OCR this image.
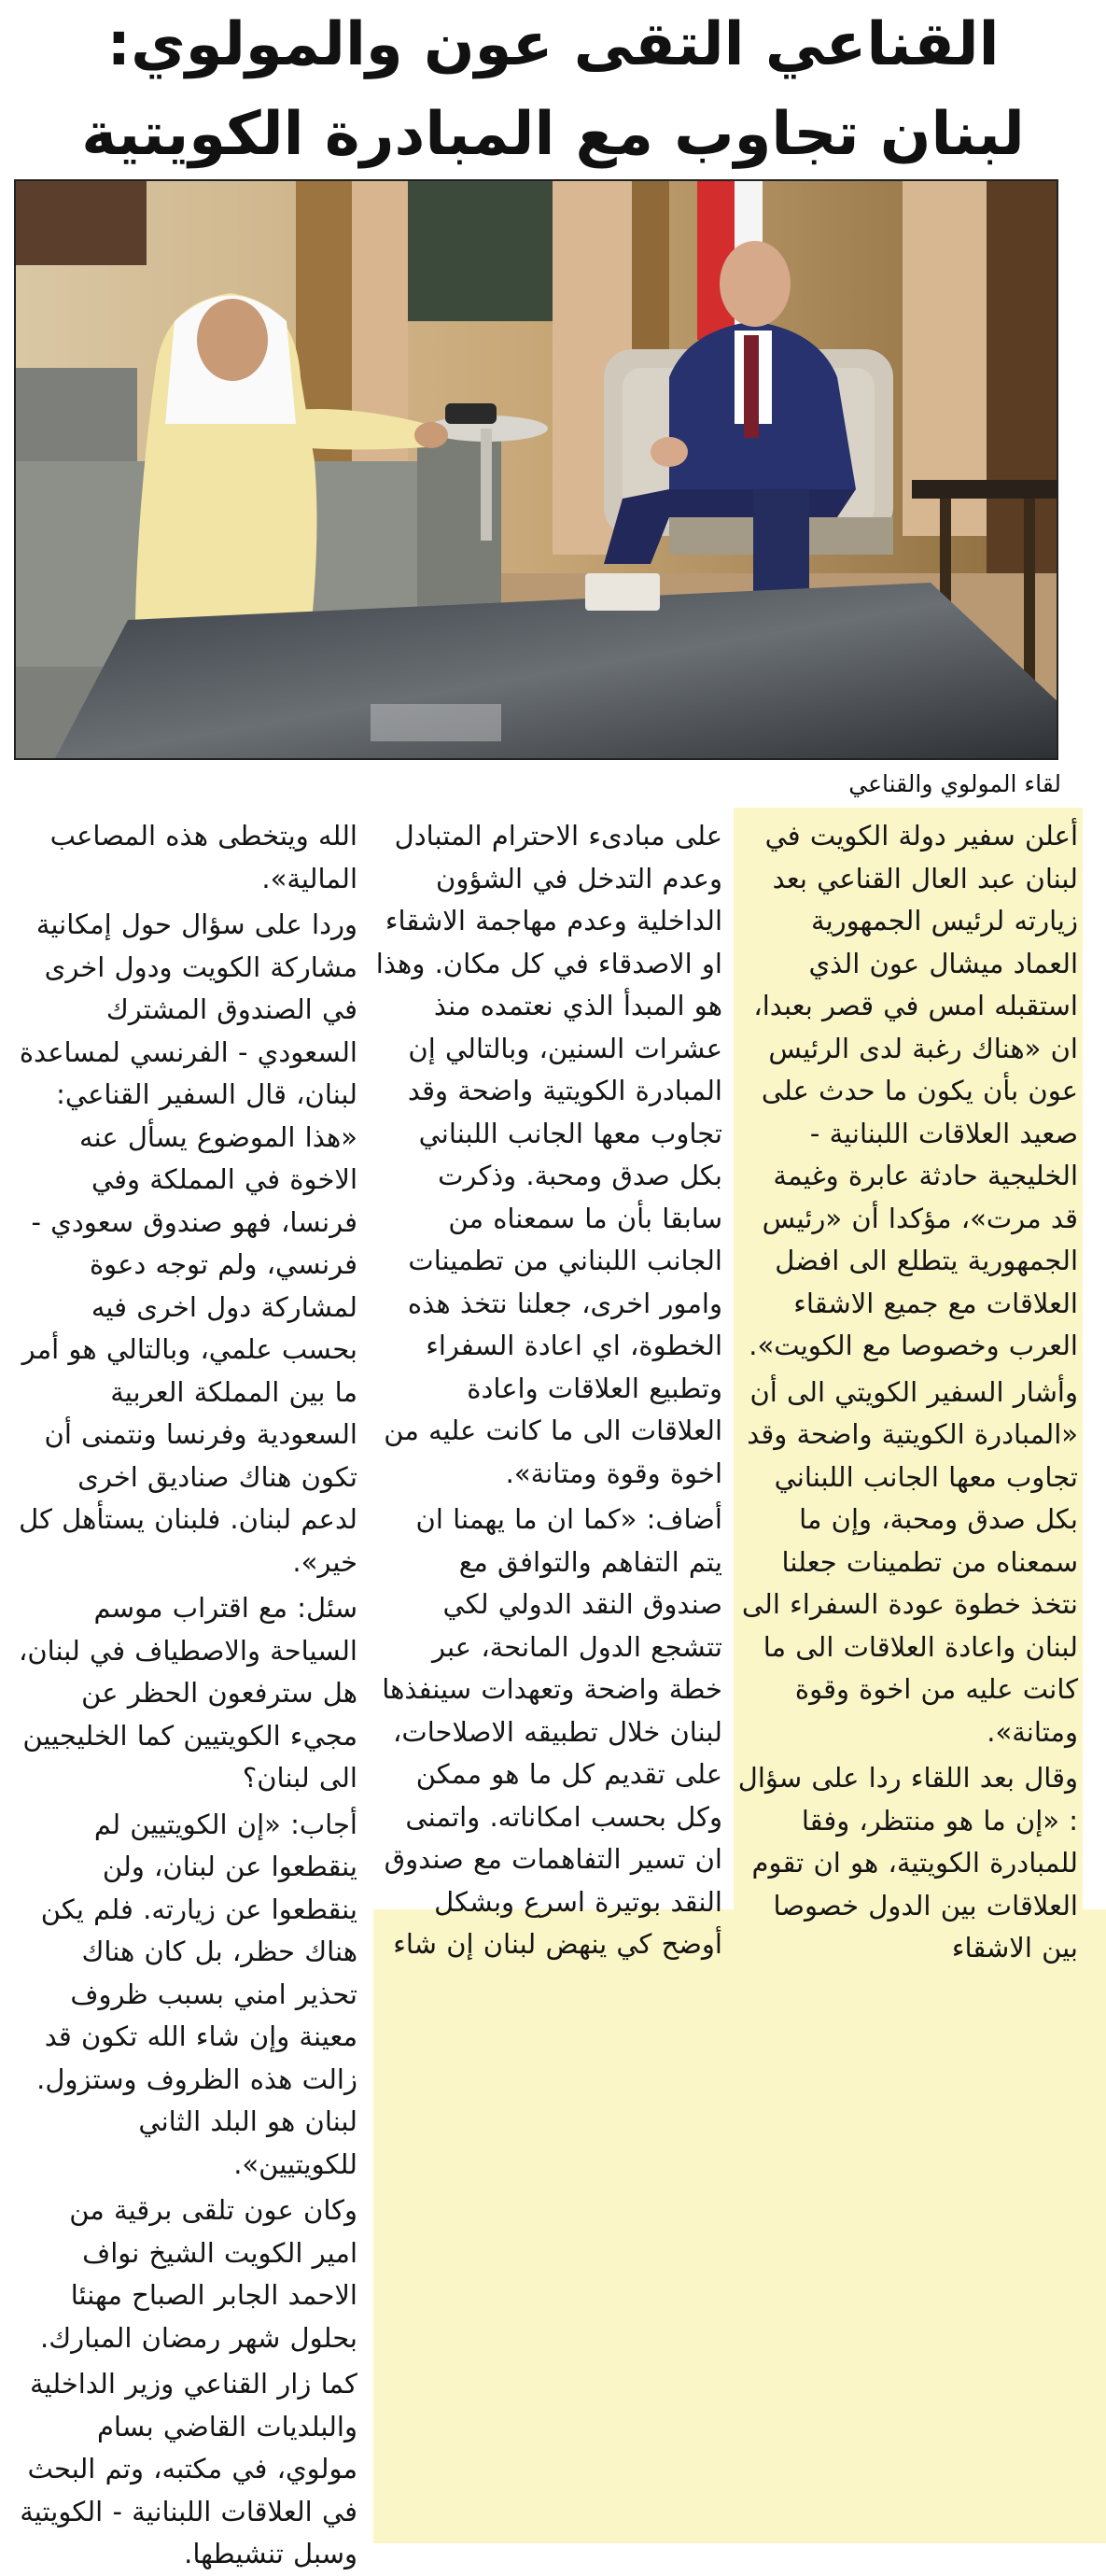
القناعي التقى عون والمولوي:
لبنان تجاوب مع المبادرة الكويتية
لقاء المولوي والقناعي

أعلن سفير دولة الكويت في لبنان عبد العال القناعي بعد زيارته لرئيس الجمهورية العماد ميشال عون الذي استقبله امس في قصر بعبدا، ان «هناك رغبة لدى الرئيس عون بأن يكون ما حدث على صعيد العلاقات اللبنانية - الخليجية حادثة عابرة وغيمة قد مرت»، مؤكدا أن «رئيس الجمهورية يتطلع الى افضل العلاقات مع جميع الاشقاء العرب وخصوصا مع الكويت».

وأشار السفير الكويتي الى أن «المبادرة الكويتية واضحة وقد تجاوب معها الجانب اللبناني بكل صدق ومحبة، وإن ما سمعناه من تطمينات جعلنا نتخذ خطوة عودة السفراء الى لبنان واعادة العلاقات الى ما كانت عليه من اخوة وقوة ومتانة».

وقال بعد اللقاء ردا على سؤال : «إن ما هو منتظر، وفقا للمبادرة الكويتية، هو ان تقوم العلاقات بين الدول خصوصا بين الاشقاء

على مبادىء الاحترام المتبادل وعدم التدخل في الشؤون الداخلية وعدم مهاجمة الاشقاء او الاصدقاء في كل مكان. وهذا هو المبدأ الذي نعتمده منذ عشرات السنين، وبالتالي إن المبادرة الكويتية واضحة وقد تجاوب معها الجانب اللبناني بكل صدق ومحبة. وذكرت سابقا بأن ما سمعناه من الجانب اللبناني من تطمينات وامور اخرى، جعلنا نتخذ هذه الخطوة، اي اعادة السفراء وتطبيع العلاقات واعادة العلاقات الى ما كانت عليه من اخوة وقوة ومتانة».

أضاف: «كما ان ما يهمنا ان يتم التفاهم والتوافق مع صندوق النقد الدولي لكي تتشجع الدول المانحة، عبر خطة واضحة وتعهدات سينفذها لبنان خلال تطبيقه الاصلاحات، على تقديم كل ما هو ممكن وكل بحسب امكاناته. واتمنى ان تسير التفاهمات مع صندوق النقد بوتيرة اسرع وبشكل أوضح كي ينهض لبنان إن شاء

الله ويتخطى هذه المصاعب المالية».

وردا على سؤال حول إمكانية مشاركة الكويت ودول اخرى في الصندوق المشترك السعودي - الفرنسي لمساعدة لبنان، قال السفير القناعي: «هذا الموضوع يسأل عنه الاخوة في المملكة وفي فرنسا، فهو صندوق سعودي - فرنسي، ولم توجه دعوة لمشاركة دول اخرى فيه بحسب علمي، وبالتالي هو أمر ما بين المملكة العربية السعودية وفرنسا ونتمنى أن تكون هناك صناديق اخرى لدعم لبنان. فلبنان يستأهل كل خير».

سئل: مع اقتراب موسم السياحة والاصطياف في لبنان، هل سترفعون الحظر عن مجيء الكويتيين كما الخليجيين الى لبنان؟

أجاب: «إن الكويتيين لم ينقطعوا عن لبنان، ولن ينقطعوا عن زيارته. فلم يكن هناك حظر، بل كان هناك تحذير امني بسبب ظروف معينة وإن شاء الله تكون قد زالت هذه الظروف وستزول. لبنان هو البلد الثاني للكويتيين».

وكان عون تلقى برقية من امير الكويت الشيخ نواف الاحمد الجابر الصباح مهنئا بحلول شهر رمضان المبارك.

كما زار القناعي وزير الداخلية والبلديات القاضي بسام مولوي، في مكتبه، وتم البحث في العلاقات اللبنانية - الكويتية وسبل تنشيطها.
